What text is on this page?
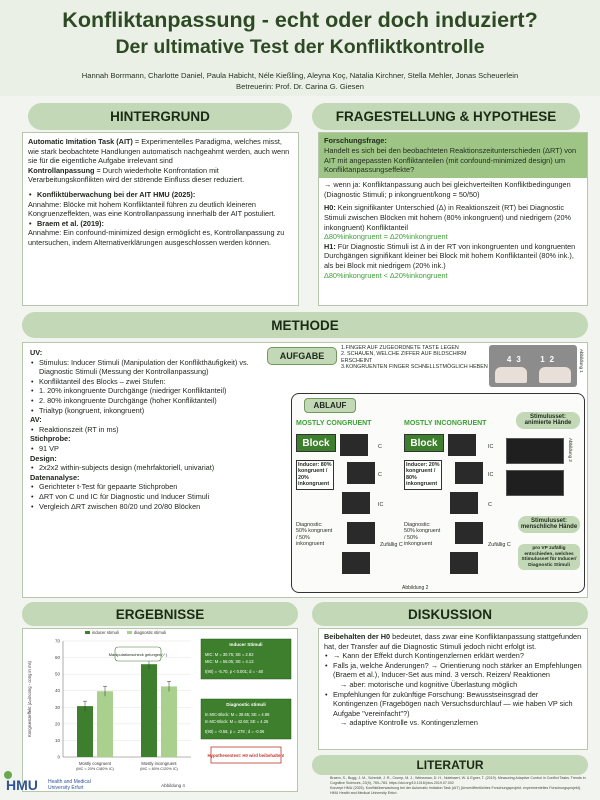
Konfliktanpassung - echt oder doch induziert?
Der ultimative Test der Konfliktkontrolle
Hannah Borrmann, Charlotte Daniel, Paula Habicht, Néle Kießling, Aleyna Koç, Natalia Kirchner, Stella Mehler, Jonas Scheuerlein
Betreuerin: Prof. Dr. Carina G. Giesen
HINTERGRUND

Automatic Imitation Task (AIT) = Experimentelles Paradigma, welches misst, wie stark beobachtete Handlungen automatisch nachgeahmt werden, auch wenn sie für die eigentliche Aufgabe irrelevant sind

Kontrollanpassung = Durch wiederholte Konfrontation mit Verarbeitungskonflikten wird der störende Einfluss dieser reduziert.

• Konfliktüberwachung bei der AIT HMU (2025):

Annahme: Blöcke mit hohem Konfliktanteil führen zu deutlich kleineren Kongruenzeffekten, was eine Kontrollanpassung innerhalb der AIT postuliert.

• Braem et al. (2019):

Annahme: Ein confound-minimized design ermöglicht es, Kontrollanpassung zu untersuchen, indem Alternativerklärungen ausgeschlossen werden können.

FRAGESTELLUNG & HYPOTHESE
Forschungsfrage:
Handelt es sich bei den beobachteten Reaktionszeitunterschieden (ΔRT) von AIT mit angepassten Konfliktanteilen (mit confound-minimized design) um Konfliktanpassungseffekte?

→ wenn ja: Konfliktanpassung auch bei gleichverteilten Konfliktbedingungen (Diagnostic Stimuli; p inkongruent/kong = 50/50)

H0: Kein signifikanter Unterschied (Δ) in Reaktionszeit (RT) bei Diagnostic Stimuli zwischen Blöcken mit hohem (80% inkongruent) und niedrigem (20% inkongruent) Konfliktanteil

Δ80%inkongruent = Δ20%inkongruent

H1: Für Diagnostic Stimuli ist Δ in der RT von inkongruenten und kongruenten Durchgängen signifikant kleiner bei Block mit hohem Konfliktanteil (80% ink.), als bei Block mit niedrigem (20% ink.)

Δ80%inkongruent < Δ20%inkongruent

METHODE

UV:

• Stimulus: Inducer Stimuli (Manipulation der Konflikthäufigkeit) vs. Diagnostic Stimuli (Messung der Kontrollanpassung)
• Konfliktanteil des Blocks – zwei Stufen:
• 1. 20% inkongruente Durchgänge (niedriger Konfliktanteil)
• 2. 80% inkongruente Durchgänge (hoher Konfliktanteil)
• Trialtyp (kongruent, inkongruent)

AV:

• Reaktionszeit (RT in ms)

Stichprobe:

• 91 VP

Design:

• 2x2x2 within-subjects design (mehrfaktoriell, univariat)

Datenanalyse:

• Gerichteter t-Test für gepaarte Stichproben
• ΔRT von C und IC für Diagnostic und Inducer Stimuli
• Vergleich ΔRT zwischen 80/20 und 20/80 Blöcken
AUFGABE
1.FINGER AUF ZUGEORDNETE TASTE LEGEN
2. SCHAUEN, WELCHE ZIFFER AUF BILDSCHIRM ERSCHEINT
3.KONGRUENTEN FINGER SCHNELLSTMÖGLICH HEBEN
43 12	Abbildung 1
ABLAUF
MOSTLY CONGRUENT	MOSTLY INCONGRUENT
Block	Block
Inducer: 80% kongruent / 20% inkongruent
Inducer: 20% kongruent / 80% inkongruent
Diagnostic: 50% kongruent / 50% inkongruent
Diagnostic: 50% kongruent / 50% inkongruent
C
C
IC
Zufällig C
IC
IC
C
Zufällig C
Stimulusset: animierte Hände
Abbildung 3
Stimulusset: menschliche Hände
pro VP zufällig entschieden, welches Stimulusset für Inducer/ Diagnostic Stimuli
Abbildung 2
ERGEBNISSE
0
10
20
30
40
50
60
70
Kongruenzeffekt (Δ=incong - cong in ms)
inducer stimuli	diagnostic stimuli
Mostly congruent
(MC = 20% C/80% IC)
Mostly incongruent
(MC = 80% C/20% IC)
Manipulationscheck gelungen(✓)
Inducer Stimuli
MIC: M = 30.75; SE = 2.82
MIC: M = 56.05; SE = 4.13
t(90) = -5.70, p < 0.001; d = -.60
Diagnostic stimuli
In MIC-Block: M = 39.65; SE = 4.88
In MC-Block: M = 42.60; SE = 4.26
t(90) = -0.58, p = .278 ; d = -0.06
Hypothesentest: H0 wird beibehalten!
Abbildung 4
DISKUSSION

Beibehalten der H0 bedeutet, dass zwar eine Konfliktanpassung stattgefunden hat, der Transfer auf die Diagnostic Stimuli jedoch nicht erfolgt ist.

• → Kann der Effekt durch Kontingenzlernen erklärt werden?
• Falls ja, welche Änderungen? → Orientierung noch stärker an Empfehlungen (Braem et al.), Inducer-Set aus mind. 3 versch. Reizen/ Reaktionen

→ aber: motorische und kognitive Überlastung möglich

• Empfehlungen für zukünftige Forschung: Bewusstseinsgrad der Kontingenzen (Fragebögen nach Versuchsdurchlauf — wie haben VP sich Aufgabe "vereinfacht"?)

→ adaptive Kontrolle vs. Kontingenzlernen

LITERATUR
Braem, S., Bugg, J. M., Schmidt, J. R., Crump, M. J., Weissman, D. H., Notebaert, W. & Egner, T. (2019). Measuring Adaptive Control in Conflict Tasks. Trends in Cognitive Sciences, 23(9), 769–783. https://doi.org/10.1016/j.tics.2019.07.002
Konzept HMU (2025). Konfliktüberwachung bei der Automatic Imitation Task (AIT) [Unveröffentlichtes Forschungsprojekt, experimentelles Forschungsprojekt]. HMU Health and Medical University Erfurt.
HMU Health and Medical University Erfurt
